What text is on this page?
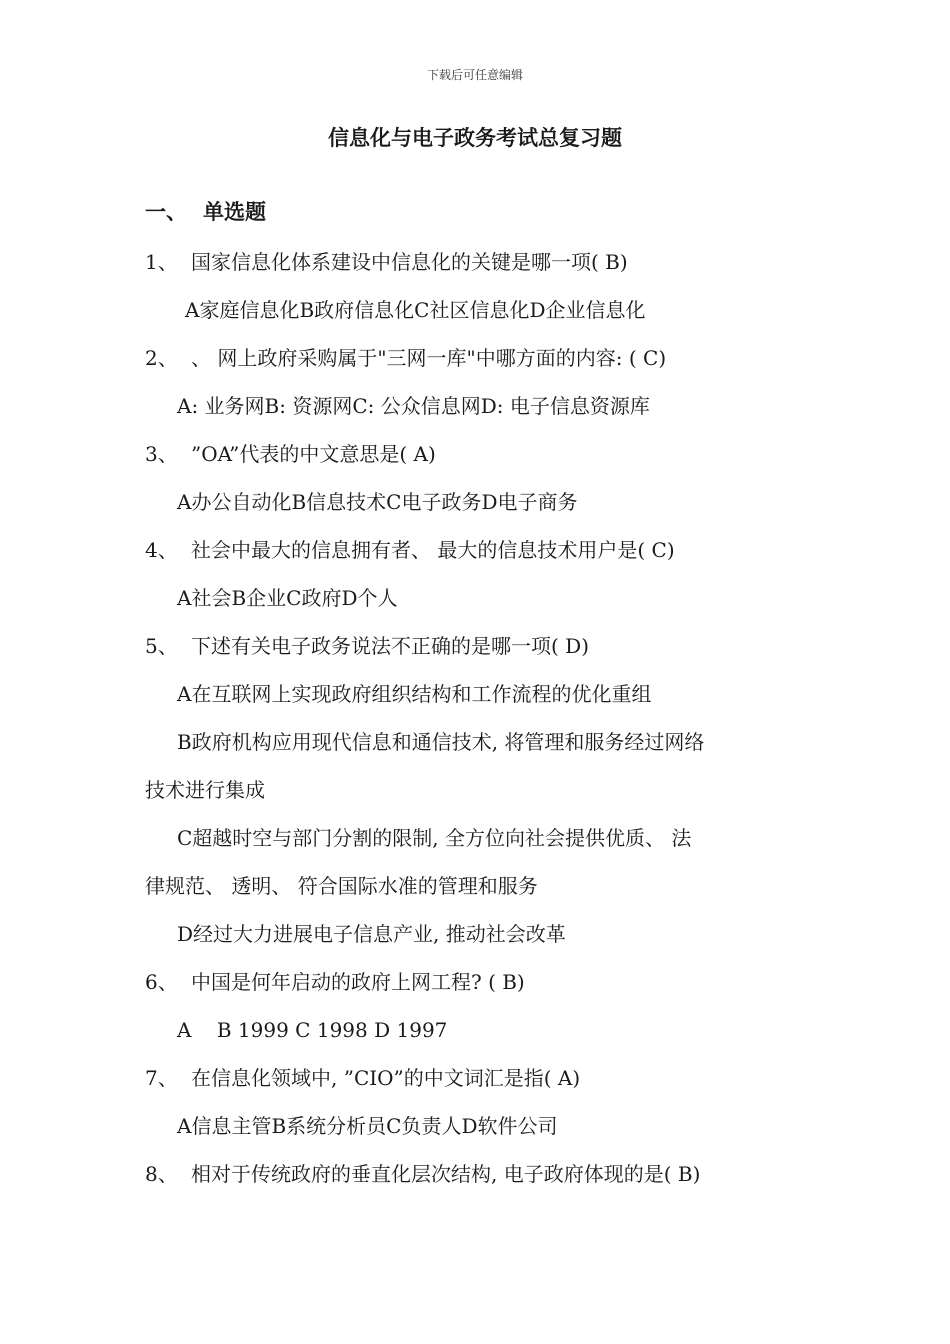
下载后可任意编辑
信息化与电子政务考试总复习题
一、 单选题
1、 国家信息化体系建设中信息化的关键是哪一项( B)
A家庭信息化B政府信息化C社区信息化D企业信息化
2、 、 网上政府采购属于"三网一库"中哪方面的内容: ( C)
A: 业务网B: 资源网C: 公众信息网D: 电子信息资源库
3、 ”OA”代表的中文意思是( A)
A办公自动化B信息技术C电子政务D电子商务
4、 社会中最大的信息拥有者、 最大的信息技术用户是( C)
A社会B企业C政府D个人
5、 下述有关电子政务说法不正确的是哪一项( D)
A在互联网上实现政府组织结构和工作流程的优化重组
B政府机构应用现代信息和通信技术, 将管理和服务经过网络
技术进行集成
C超越时空与部门分割的限制, 全方位向社会提供优质、 法
律规范、 透明、 符合国际水准的管理和服务
D经过大力进展电子信息产业, 推动社会改革
6、 中国是何年启动的政府上网工程? ( B)
A    B 1999 C 1998 D 1997
7、 在信息化领域中, ”CIO”的中文词汇是指( A)
A信息主管B系统分析员C负责人D软件公司
8、 相对于传统政府的垂直化层次结构, 电子政府体现的是( B)
